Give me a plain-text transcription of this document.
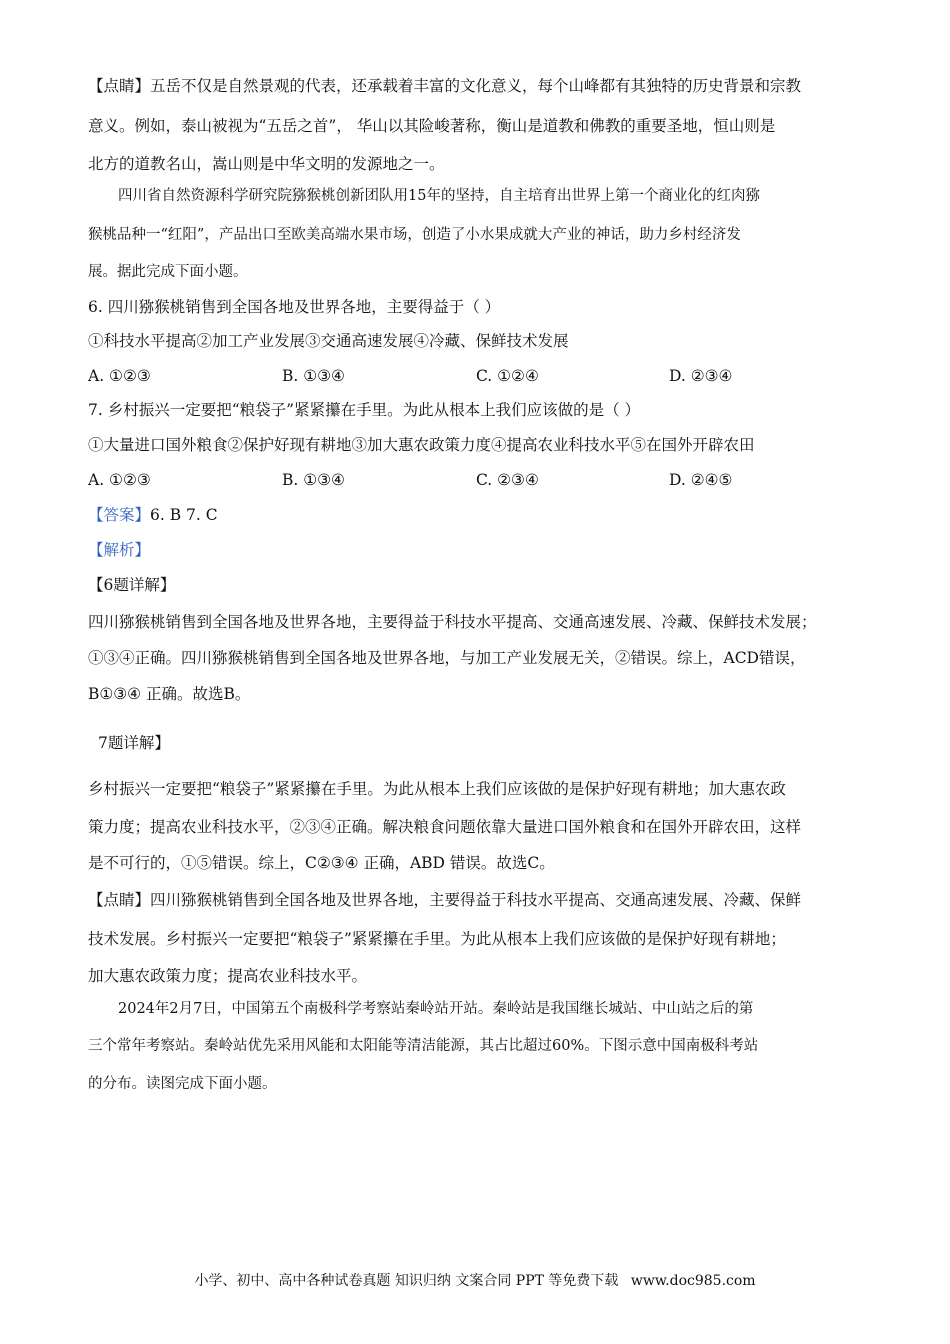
【点睛】五岳不仅是自然景观的代表，还承载着丰富的文化意义，每个山峰都有其独特的历史背景和宗教
意义。例如，泰山被视为“五岳之首”， 华山以其险峻著称，衡山是道教和佛教的重要圣地，恒山则是
北方的道教名山，嵩山则是中华文明的发源地之一。
四川省自然资源科学研究院猕猴桃创新团队用15年的坚持，自主培育出世界上第一个商业化的红肉猕
猴桃品种一“红阳”，产品出口至欧美高端水果市场，创造了小水果成就大产业的神话，助力乡村经济发
展。据此完成下面小题。
6. 四川猕猴桃销售到全国各地及世界各地，主要得益于（ ）
①科技水平提高②加工产业发展③交通高速发展④冷藏、保鲜技术发展
A. ①②③	B. ①③④	C. ①②④	D. ②③④
7. 乡村振兴一定要把“粮袋子”紧紧攥在手里。为此从根本上我们应该做的是（ ）
①大量进口国外粮食②保护好现有耕地③加大惠农政策力度④提高农业科技水平⑤在国外开辟农田
A. ①②③	B. ①③④	C. ②③④	D. ②④⑤
【答案】6. B 7. C
【解析】
【6题详解】
四川猕猴桃销售到全国各地及世界各地，主要得益于科技水平提高、交通高速发展、冷藏、保鲜技术发展；
①③④正确。四川猕猴桃销售到全国各地及世界各地，与加工产业发展无关，②错误。综上，ACD错误，
B①③④ 正确。故选B。
7题详解】
乡村振兴一定要把“粮袋子”紧紧攥在手里。为此从根本上我们应该做的是保护好现有耕地；加大惠农政
策力度；提高农业科技水平，②③④正确。解决粮食问题依靠大量进口国外粮食和在国外开辟农田，这样
是不可行的，①⑤错误。综上，C②③④ 正确，ABD 错误。故选C。
【点睛】四川猕猴桃销售到全国各地及世界各地，主要得益于科技水平提高、交通高速发展、冷藏、保鲜
技术发展。乡村振兴一定要把“粮袋子”紧紧攥在手里。为此从根本上我们应该做的是保护好现有耕地；
加大惠农政策力度；提高农业科技水平。
2024年2月7日，中国第五个南极科学考察站秦岭站开站。秦岭站是我国继长城站、中山站之后的第
三个常年考察站。秦岭站优先采用风能和太阳能等清洁能源，其占比超过60%。下图示意中国南极科考站
的分布。读图完成下面小题。
小学、初中、高中各种试卷真题 知识归纳 文案合同 PPT 等免费下载 www.doc985.com
